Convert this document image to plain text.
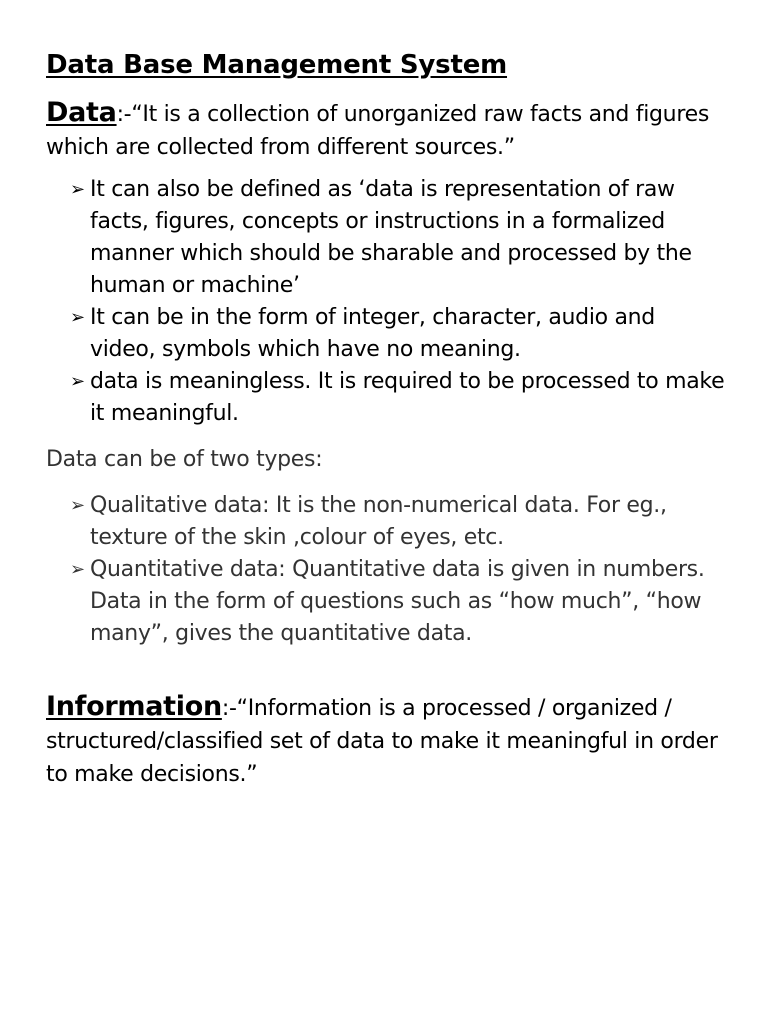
Data Base Management System

Data:-“It is a collection of unorganized raw facts and figures which are collected from different sources.”

➢ It can also be defined as ‘data is representation of raw facts, figures, concepts or instructions in a formalized manner which should be sharable and processed by the human or machine’
➢ It can be in the form of integer, character, audio and video, symbols which have no meaning.
➢ data is meaningless. It is required to be processed to make it meaningful.

Data can be of two types:

➢ Qualitative data: It is the non-numerical data. For eg., texture of the skin ,colour of eyes, etc.
➢ Quantitative data: Quantitative data is given in numbers. Data in the form of questions such as “how much”, “how many”, gives the quantitative data.

Information:-“Information is a processed / organized / structured/classified set of data to make it meaningful in order to make decisions.”
